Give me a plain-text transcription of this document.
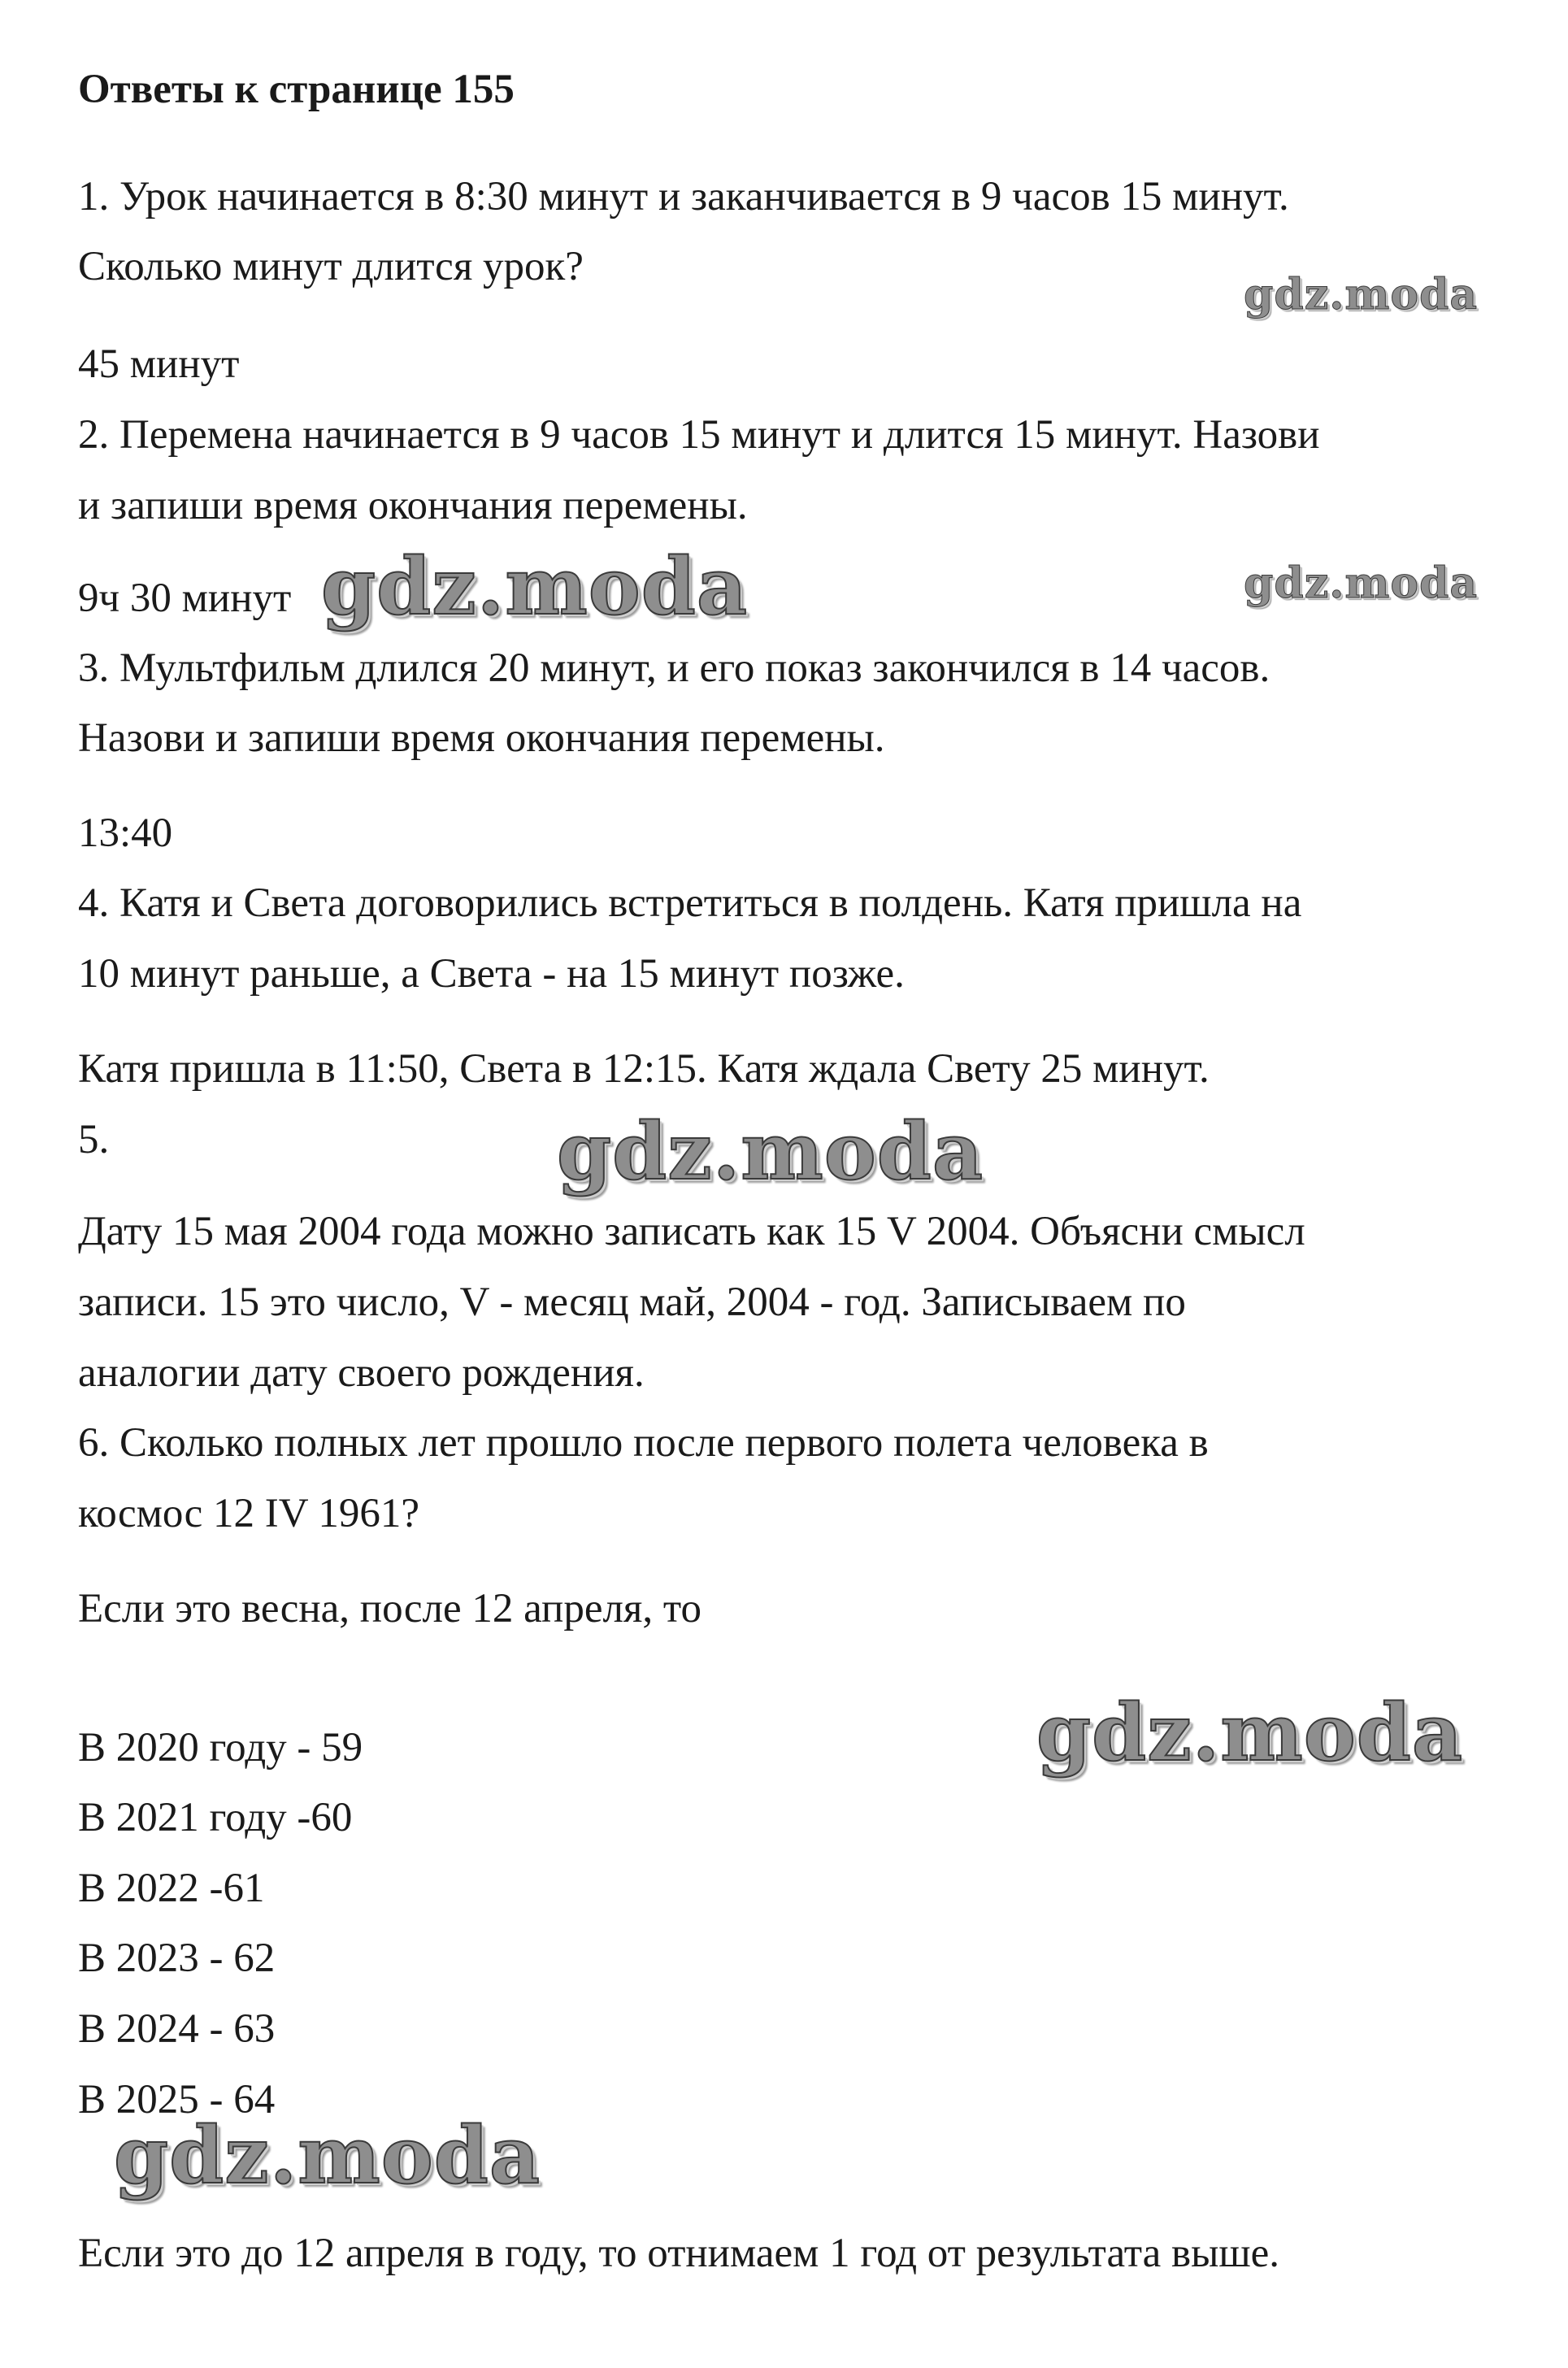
Ответы к странице 155
1. Урок начинается в 8:30 минут и заканчивается в 9 часов 15 минут.
Сколько минут длится урок?
45 минут
2. Перемена начинается в 9 часов 15 минут и длится 15 минут. Назови
и запиши время окончания перемены.
9ч 30 минут
3. Мультфильм длился 20 минут, и его показ закончился в 14 часов.
Назови и запиши время окончания перемены.
13:40
4. Катя и Света договорились встретиться в полдень. Катя пришла на
10 минут раньше, а Света - на 15 минут позже.
Катя пришла в 11:50, Света в 12:15. Катя ждала Свету 25 минут.
5.
Дату 15 мая 2004 года можно записать как 15 V 2004. Объясни смысл
записи. 15 это число, V - месяц май, 2004 - год. Записываем по
аналогии дату своего рождения.
6. Сколько полных лет прошло после первого полета человека в
космос 12 IV 1961?
Если это весна, после 12 апреля, то
В 2020 году - 59
В 2021 году -60
В 2022 -61
В 2023 - 62
В 2024 - 63
В 2025 - 64
Если это до 12 апреля в году, то отнимаем 1 год от результата выше.
gdz.moda
gdz.moda	gdz.moda
gdz.moda
gdz.moda
gdz.moda
